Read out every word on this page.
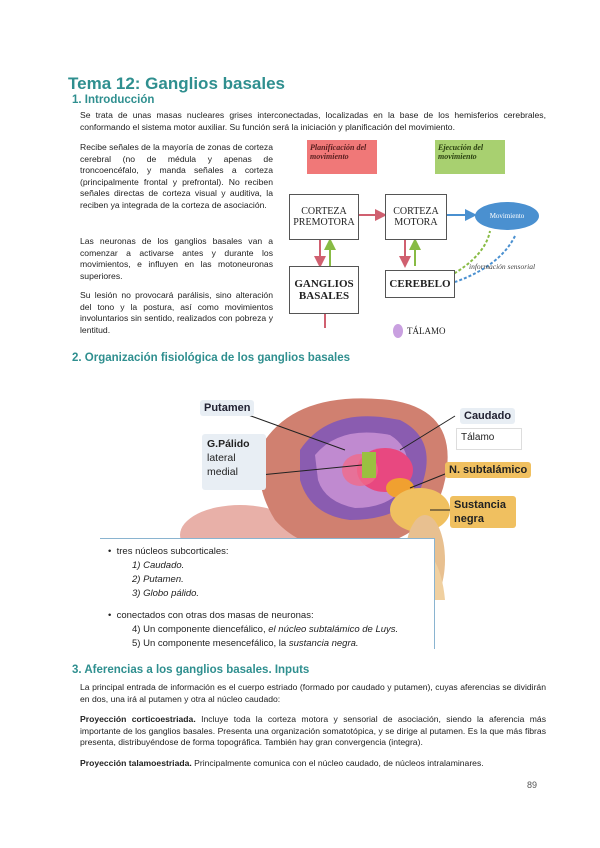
Tema 12: Ganglios basales
1. Introducción
Se trata de unas masas nucleares grises interconectadas, localizadas en la base de los hemisferios cerebrales, conformando el sistema motor auxiliar. Su función será la iniciación y planificación del movimiento.
Recibe señales de la mayoría de zonas de corteza cerebral (no de médula y apenas de troncoencéfalo, y manda señales a corteza (principalmente frontal y prefrontal). No reciben señales directas de corteza visual y auditiva, la reciben ya integrada de la corteza de asociación.
Las neuronas de los ganglios basales van a comenzar a activarse antes y durante los movimientos, e influyen en las motoneuronas superiores.
Su lesión no provocará parálisis, sino alteración del tono y la postura, así como movimientos involuntarios sin sentido, realizados con pobreza y lentitud.
Planificación del movimiento
Ejecución del movimiento
CORTEZA PREMOTORA
CORTEZA MOTORA
Movimiento
GANGLIOS BASALES
CEREBELO
información sensorial
TÁLAMO
2. Organización fisiológica de los ganglios basales
Putamen
G.Pálido
lateral
medial
Caudado
Tálamo
N. subtalámico
Sustancia negra
•  tres núcleos subcorticales:
1) Caudado.
2) Putamen.
3) Globo pálido.
•  conectados con otras dos masas de neuronas:
4) Un componente diencefálico, el núcleo subtalámico de Luys.
5) Un componente mesencefálico, la sustancia negra.
3. Aferencias a los ganglios basales. Inputs
La principal entrada de información es el cuerpo estriado (formado por caudado y putamen), cuyas aferencias se dividirán en dos, una irá al putamen y otra al núcleo caudado:
Proyección corticoestriada. Incluye toda la corteza motora y sensorial de asociación, siendo la aferencia más importante de los ganglios basales. Presenta una organización somatotópica, y se dirige al putamen. Es la que más fibras presenta, distribuyéndose de forma topográfica. También hay gran convergencia (integra).
Proyección talamoestriada. Principalmente comunica con el núcleo caudado, de núcleos intralaminares.
89
